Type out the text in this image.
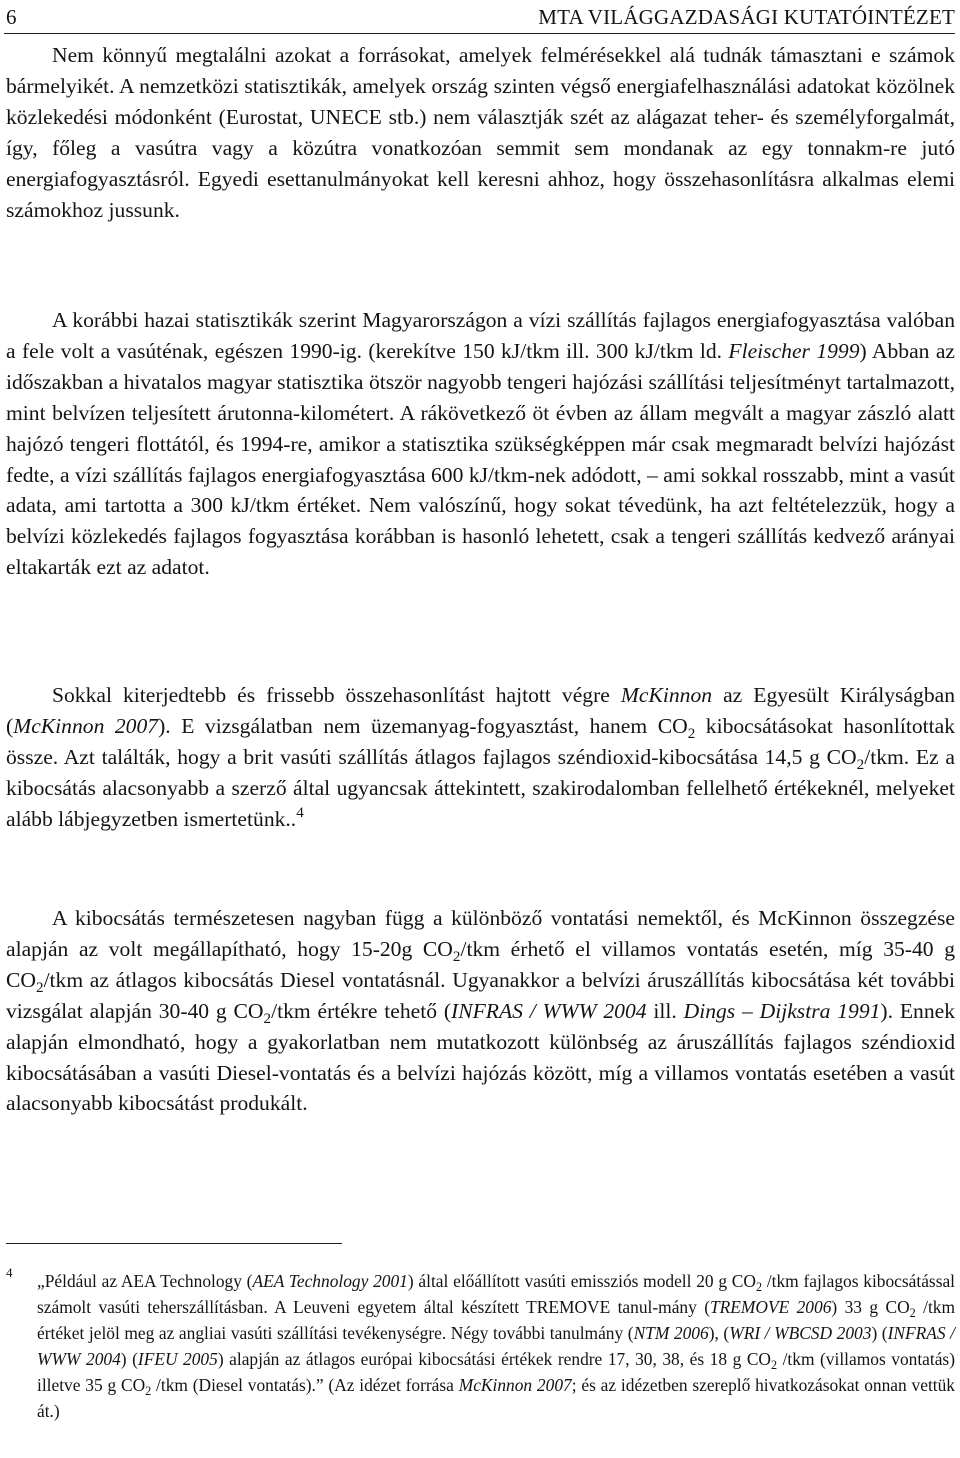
6	MTA VILÁGGAZDASÁGI KUTATÓINTÉZET

Nem könnyű megtalálni azokat a forrásokat, amelyek felmérésekkel alá tudnák támasztani e számok bármelyikét. A nemzetközi statisztikák, amelyek ország szinten végső energiafelhasználási adatokat közölnek közlekedési módonként (Eurostat, UNECE stb.) nem választják szét az alágazat teher- és személyforgalmát, így, főleg a vasútra vagy a közútra vonatkozóan semmit sem mondanak az egy tonnakm-re jutó energiafogyasztásról. Egyedi esettanulmányokat kell keresni ahhoz, hogy összehasonlításra alkalmas elemi számokhoz jussunk.

A korábbi hazai statisztikák szerint Magyarországon a vízi szállítás fajlagos energiafogyasztása valóban a fele volt a vasúténak, egészen 1990-ig. (kerekítve 150 kJ/tkm ill. 300 kJ/tkm ld. Fleischer 1999) Abban az időszakban a hivatalos magyar statisztika ötször nagyobb tengeri hajózási szállítási teljesítményt tartalmazott, mint belvízen teljesített árutonna-kilométert. A rákövetkező öt évben az állam megvált a magyar zászló alatt hajózó tengeri flottától, és 1994-re, amikor a statisztika szükségképpen már csak megmaradt belvízi hajózást fedte, a vízi szállítás fajlagos energiafogyasztása 600 kJ/tkm-nek adódott, – ami sokkal rosszabb, mint a vasút adata, ami tartotta a 300 kJ/tkm értéket. Nem valószínű, hogy sokat tévedünk, ha azt feltételezzük, hogy a belvízi közlekedés fajlagos fogyasztása korábban is hasonló lehetett, csak a tengeri szállítás kedvező arányai eltakarták ezt az adatot.

Sokkal kiterjedtebb és frissebb összehasonlítást hajtott végre McKinnon az Egyesült Királyságban (McKinnon 2007). E vizsgálatban nem üzemanyag-fogyasztást, hanem $CO_2$ kibocsátásokat hasonlítottak össze. Azt találták, hogy a brit vasúti szállítás átlagos fajlagos széndioxid-kibocsátása 14,5 g $CO_2$/tkm. Ez a kibocsátás alacsonyabb a szerző által ugyancsak áttekintett, szakirodalomban fellelhető értékeknél, melyeket alább lábjegyzetben ismertetünk..$^4$

A kibocsátás természetesen nagyban függ a különböző vontatási nemektől, és McKinnon összegzése alapján az volt megállapítható, hogy 15-20g $CO_2$/tkm érhető el villamos vontatás esetén, míg 35-40 g $CO_2$/tkm az átlagos kibocsátás Diesel vontatásnál. Ugyanakkor a belvízi áruszállítás kibocsátása két további vizsgálat alapján 30-40 g $CO_2$/tkm értékre tehető (INFRAS / WWW 2004 ill. Dings – Dijkstra 1991). Ennek alapján elmondható, hogy a gyakorlatban nem mutatkozott különbség az áruszállítás fajlagos széndioxid kibocsátásában a vasúti Diesel-vontatás és a belvízi hajózás között, míg a villamos vontatás esetében a vasút alacsonyabb kibocsátást produkált.

4	„Például az AEA Technology (AEA Technology 2001) által előállított vasúti emissziós modell 20 g $CO_2$ /tkm fajlagos kibocsátással számolt vasúti teherszállításban. A Leuveni egyetem által készített TREMOVE tanul-mány (TREMOVE 2006) 33 g $CO_2$ /tkm értéket jelöl meg az angliai vasúti szállítási tevékenységre. Négy további tanulmány (NTM 2006), (WRI / WBCSD 2003) (INFRAS / WWW 2004) (IFEU 2005) alapján az átlagos európai kibocsátási értékek rendre 17, 30, 38, és 18 g $CO_2$ /tkm (villamos vontatás) illetve 35 g $CO_2$ /tkm (Diesel vontatás).” (Az idézet forrása McKinnon 2007; és az idézetben szereplő hivatkozásokat onnan vettük át.)
